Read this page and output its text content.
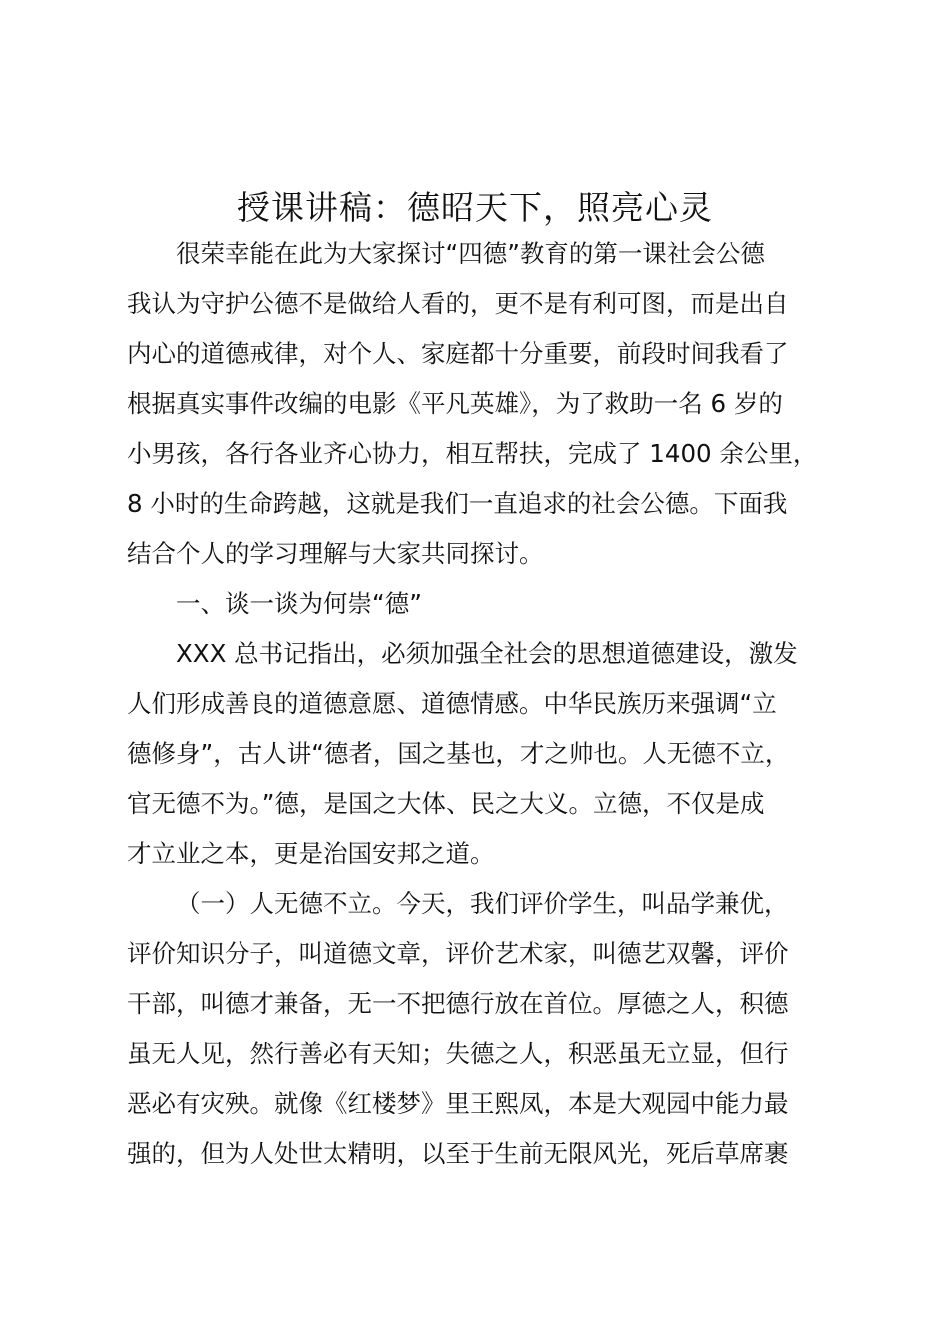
授课讲稿：德昭天下，照亮心灵
很荣幸能在此为大家探讨“四德”教育的第一课社会公德
我认为守护公德不是做给人看的，更不是有利可图，而是出自
内心的道德戒律，对个人、家庭都十分重要，前段时间我看了
根据真实事件改编的电影《平凡英雄》，为了救助一名 6 岁的
小男孩，各行各业齐心协力，相互帮扶，完成了 1400 余公里，
8 小时的生命跨越，这就是我们一直追求的社会公德。下面我
结合个人的学习理解与大家共同探讨。
一、谈一谈为何崇“德”
XXX 总书记指出，必须加强全社会的思想道德建设，激发
人们形成善良的道德意愿、道德情感。中华民族历来强调“立
德修身”，古人讲“德者，国之基也，才之帅也。人无德不立，
官无德不为。”德，是国之大体、民之大义。立德，不仅是成
才立业之本，更是治国安邦之道。
（一）人无德不立。今天，我们评价学生，叫品学兼优，
评价知识分子，叫道德文章，评价艺术家，叫德艺双馨，评价
干部，叫德才兼备，无一不把德行放在首位。厚德之人，积德
虽无人见，然行善必有天知；失德之人，积恶虽无立显，但行
恶必有灾殃。就像《红楼梦》里王熙凤，本是大观园中能力最
强的，但为人处世太精明，以至于生前无限风光，死后草席裹
